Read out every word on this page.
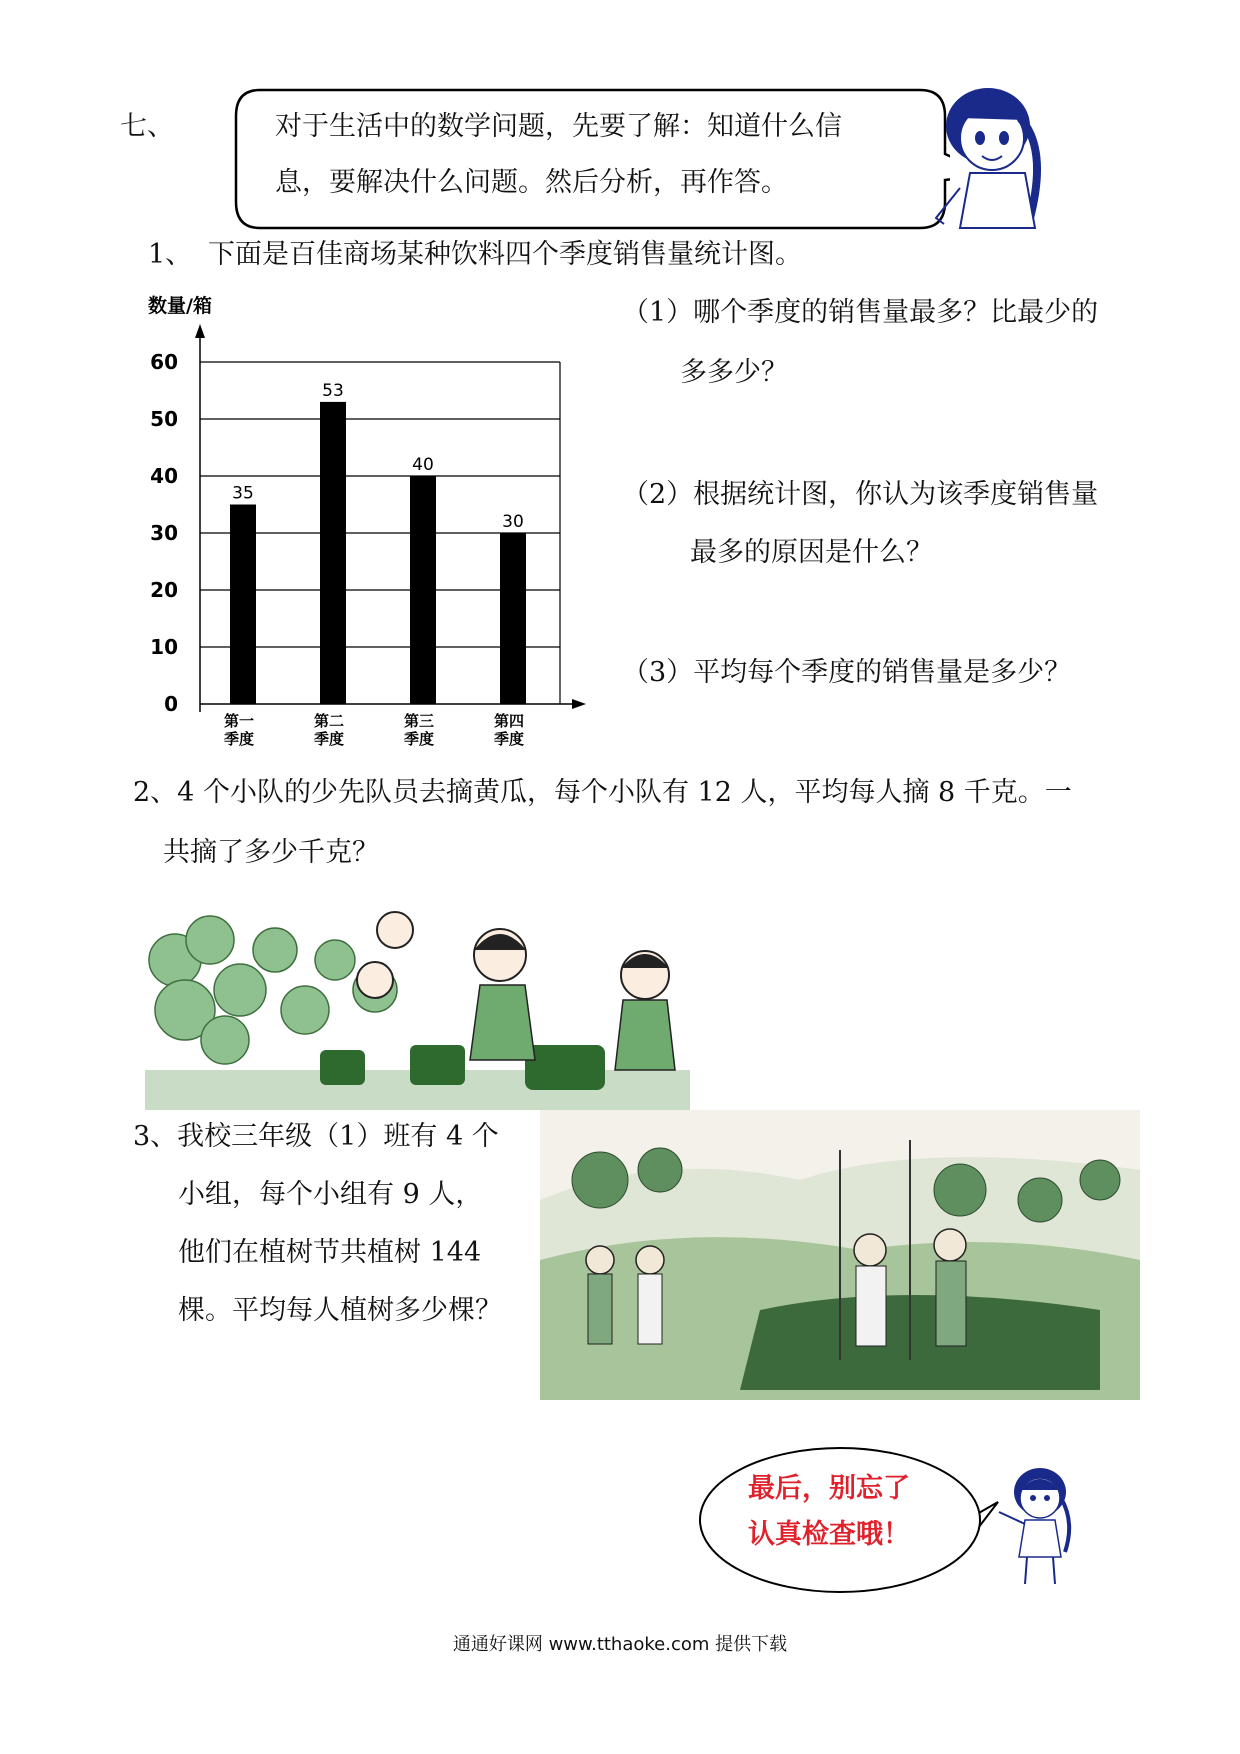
七、	对于生活中的数学问题，先要了解：知道什么信
息，要解决什么问题。然后分析，再作答。
1、 下面是百佳商场某种饮料四个季度销售量统计图。
0
10
20
30
40
50
60
数量/箱
35
第一
季度
53
第二
季度
40
第三
季度
30
第四
季度
（1）哪个季度的销售量最多？比最少的
多多少？
（2）根据统计图，你认为该季度销售量
最多的原因是什么？
（3）平均每个季度的销售量是多少？
2、4 个小队的少先队员去摘黄瓜，每个小队有 12 人，平均每人摘 8 千克。一
共摘了多少千克？
3、我校三年级（1）班有 4 个
小组，每个小组有 9 人，
他们在植树节共植树 144
棵。平均每人植树多少棵？
最后，别忘了
认真检查哦！
通通好课网 www.tthaoke.com 提供下载
